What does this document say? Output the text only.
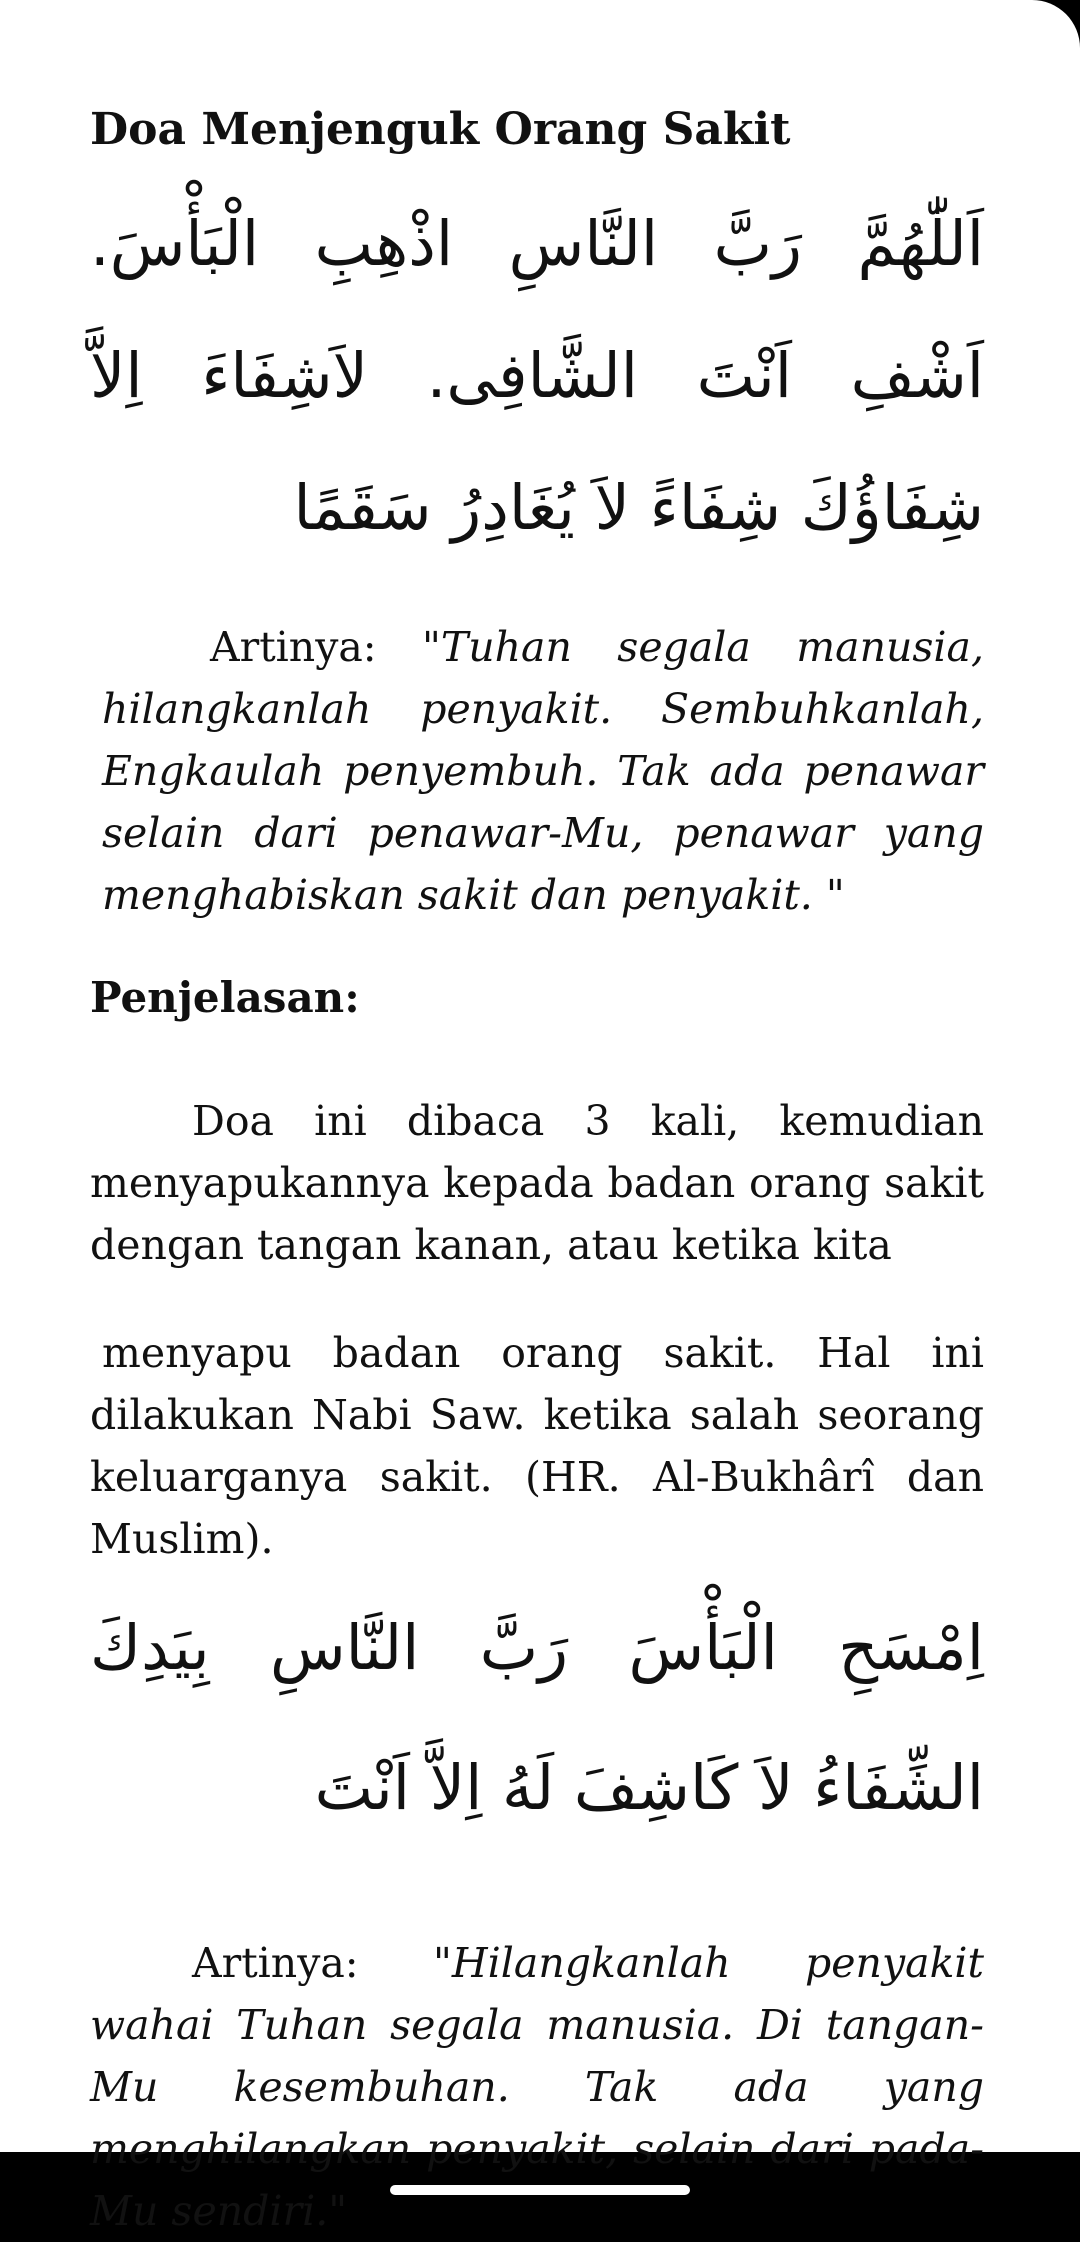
Doa Menjenguk Orang Sakit
اَللّٰهُمَّ رَبَّ النَّاسِ اذْهِبِ الْبَأْسَ. اَشْفِ اَنْتَ الشَّافِى. لاَشِفَاءَ اِلاَّ شِفَاؤُكَ شِفَاءً لاَ يُغَادِرُ سَقَمًا
Artinya: "Tuhan segala manusia, hilangkanlah penyakit. Sembuhkanlah, Engkaulah penyembuh. Tak ada penawar selain dari penawar-Mu, penawar yang menghabiskan sakit dan penyakit. "
Penjelasan:
Doa ini dibaca 3 kali, kemudian menyapukannya kepada badan orang sakit dengan tangan kanan, atau ketika kita
menyapu badan orang sakit. Hal ini dilakukan Nabi Saw. ketika salah seorang keluarganya sakit. (HR. Al-Bukhârî dan Muslim).
اِمْسَحِ الْبَأْسَ رَبَّ النَّاسِ بِيَدِكَ الشِّفَاءُ لاَ كَاشِفَ لَهُ اِلاَّ اَنْتَ
Artinya: "Hilangkanlah penyakit wahai Tuhan segala manusia. Di tangan-Mu kesembuhan. Tak ada yang menghilangkan penyakit, selain dari pada-Mu sendiri."
